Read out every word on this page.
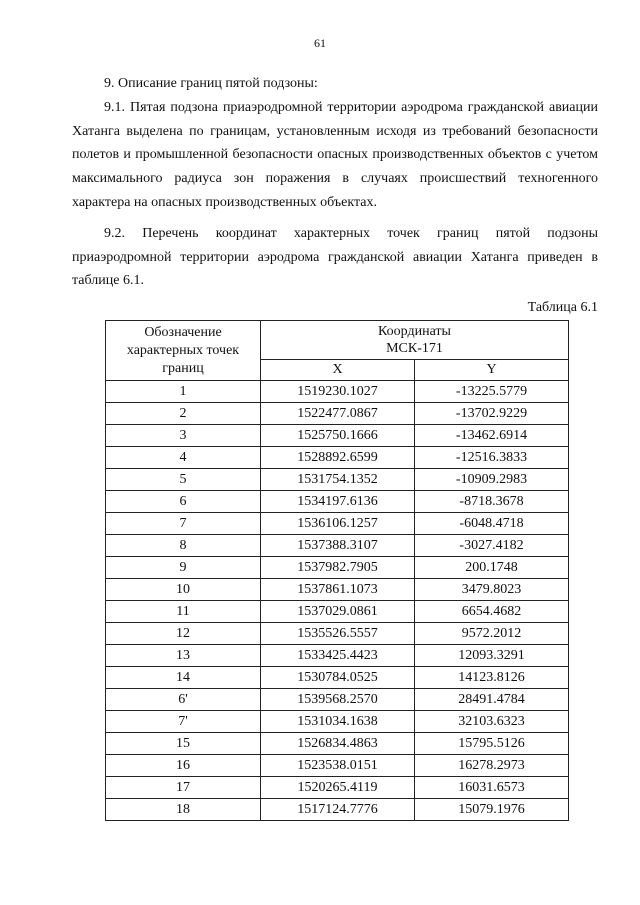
61
9. Описание границ пятой подзоны:
9.1. Пятая подзона приаэродромной территории аэродрома гражданской авиации Хатанга выделена по границам, установленным исходя из требований безопасности полетов и промышленной безопасности опасных производственных объектов с учетом максимального радиуса зон поражения в случаях происшествий техногенного характера на опасных производственных объектах.
9.2. Перечень координат характерных точек границ пятой подзоны приаэродромной территории аэродрома гражданской авиации Хатанга приведен в таблице 6.1.
Таблица 6.1
Обозначение характерных точек границ	Координаты
МСК-171	
	X	Y
1	1519230.1027	-13225.5779
2	1522477.0867	-13702.9229
3	1525750.1666	-13462.6914
4	1528892.6599	-12516.3833
5	1531754.1352	-10909.2983
6	1534197.6136	-8718.3678
7	1536106.1257	-6048.4718
8	1537388.3107	-3027.4182
9	1537982.7905	200.1748
10	1537861.1073	3479.8023
11	1537029.0861	6654.4682
12	1535526.5557	9572.2012
13	1533425.4423	12093.3291
14	1530784.0525	14123.8126
6'	1539568.2570	28491.4784
7'	1531034.1638	32103.6323
15	1526834.4863	15795.5126
16	1523538.0151	16278.2973
17	1520265.4119	16031.6573
18	1517124.7776	15079.1976
